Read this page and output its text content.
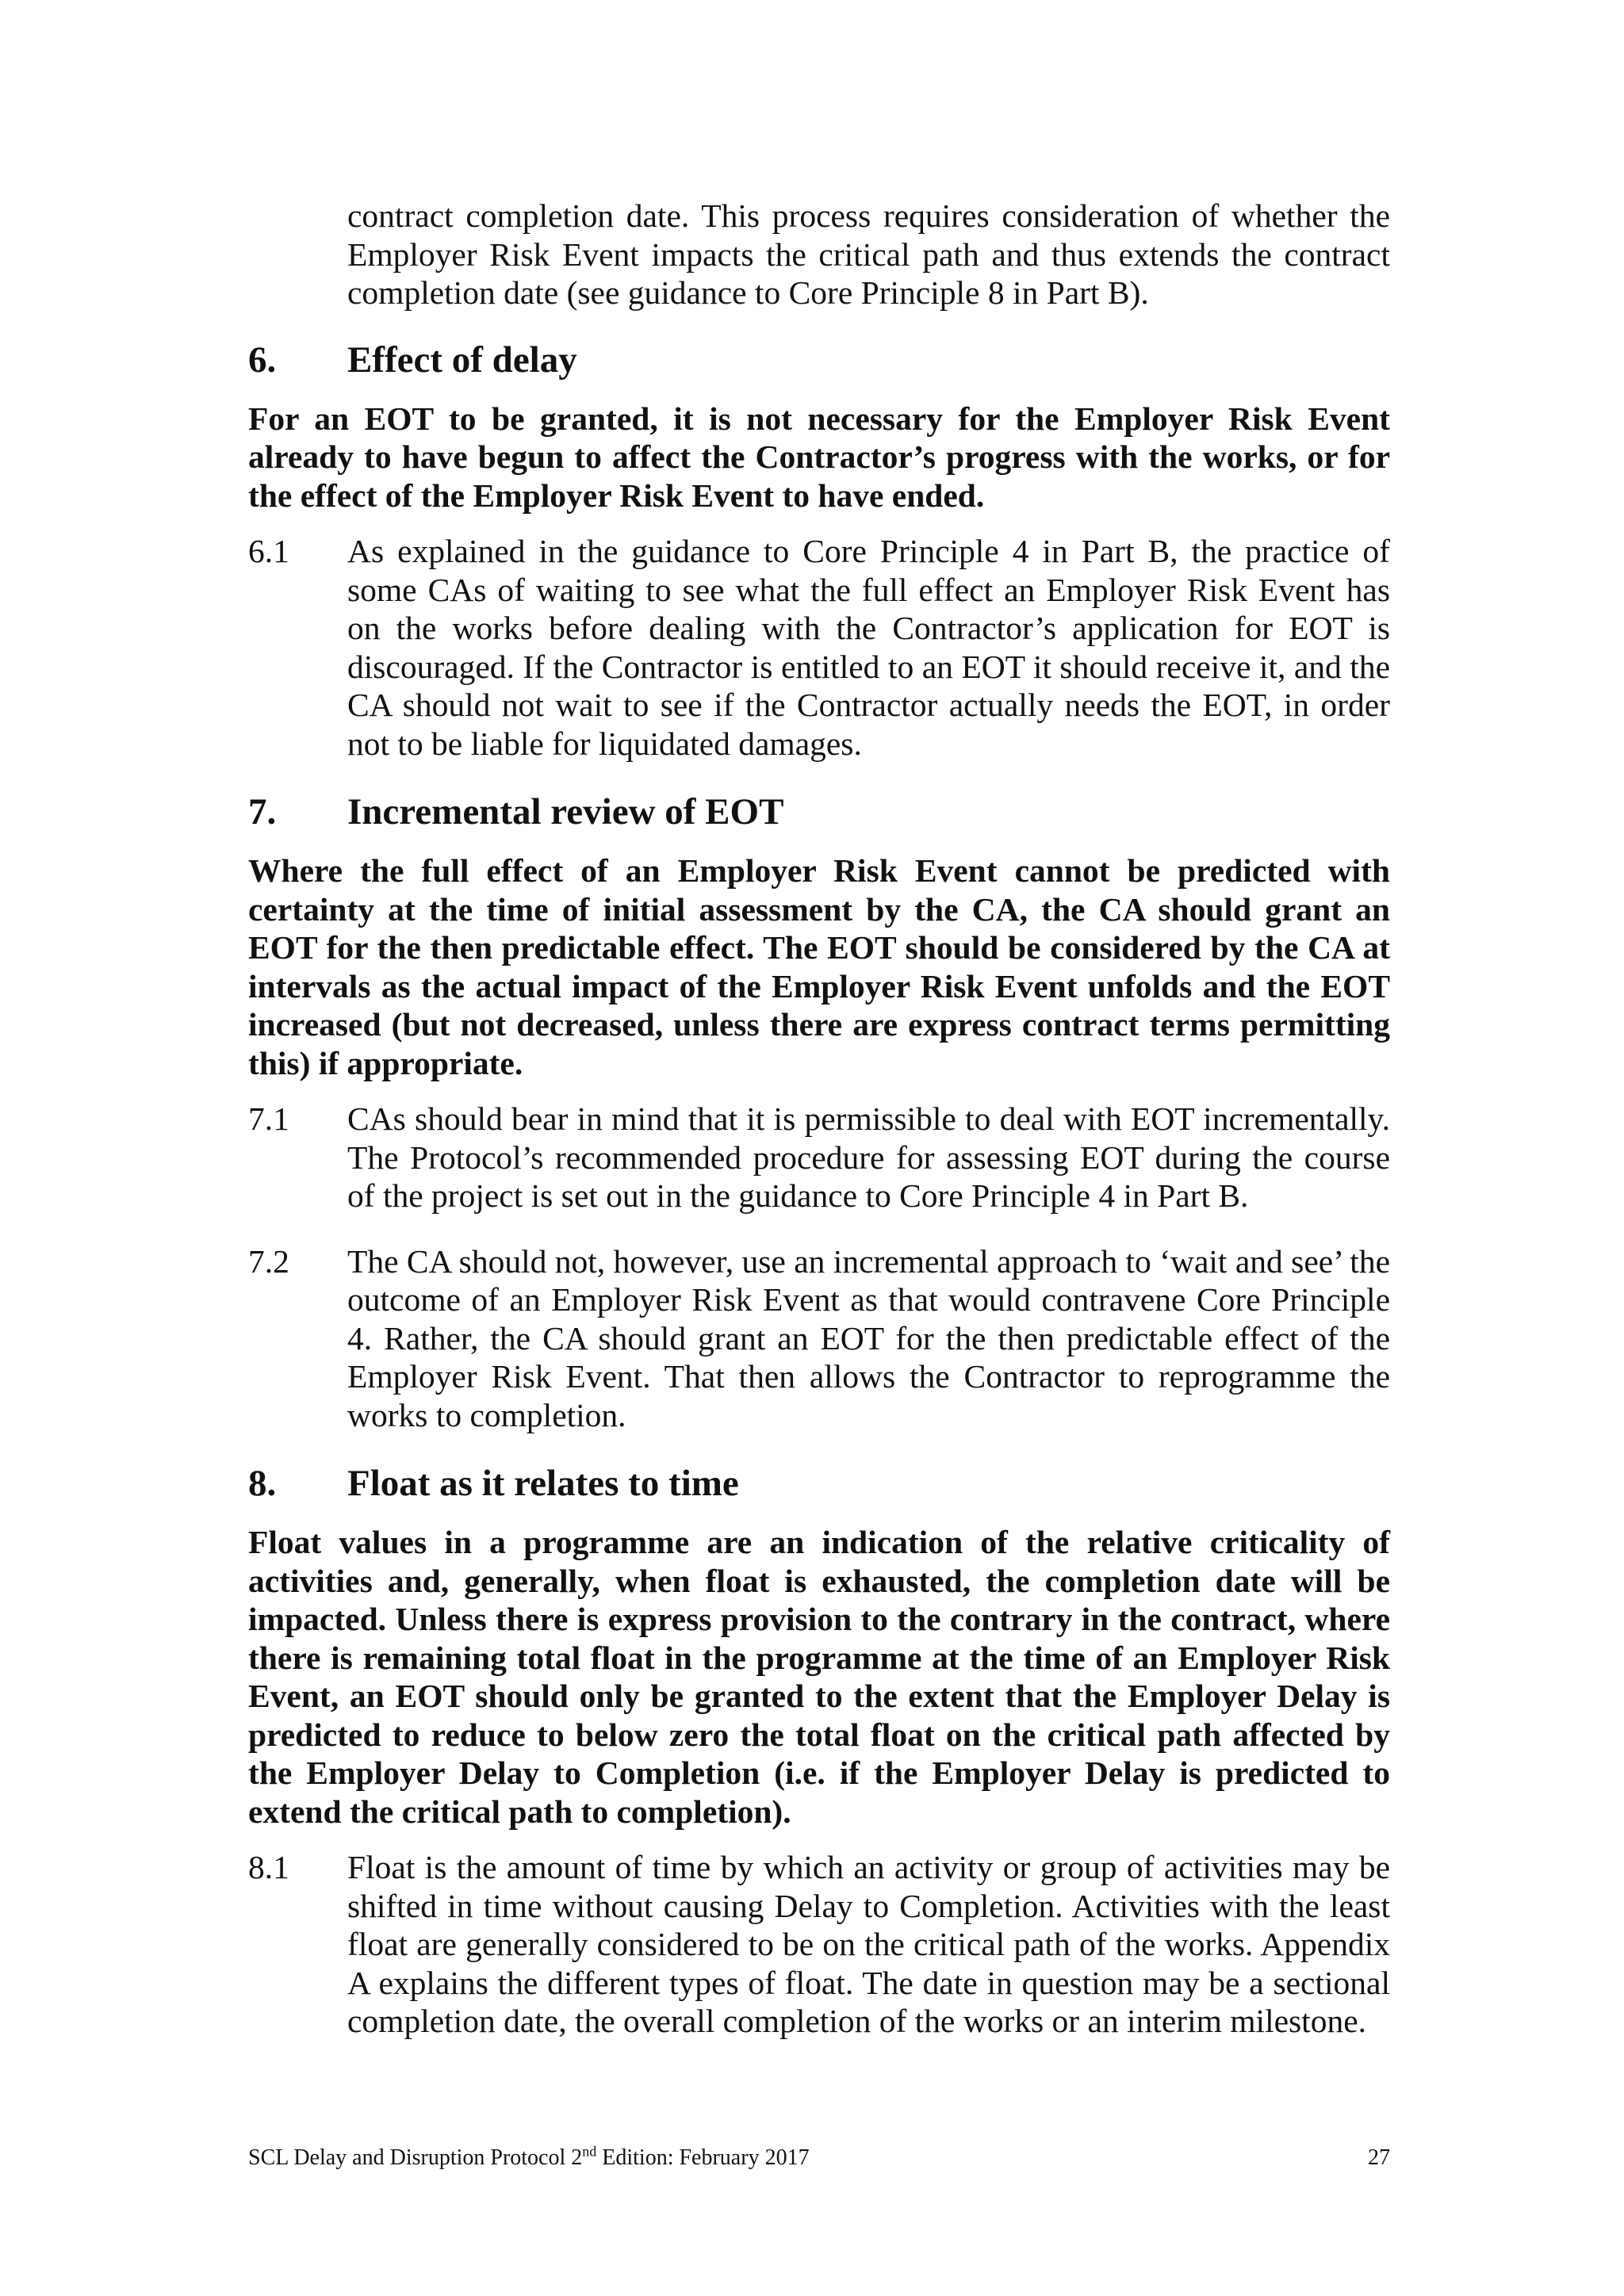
contract completion date. This process requires consideration of whether the Employer Risk Event impacts the critical path and thus extends the contract completion date (see guidance to Core Principle 8 in Part B).

6.	Effect of delay

For an EOT to be granted, it is not necessary for the Employer Risk Event already to have begun to affect the Contractor’s progress with the works, or for the effect of the Employer Risk Event to have ended.

6.1	As explained in the guidance to Core Principle 4 in Part B, the practice of some CAs of waiting to see what the full effect an Employer Risk Event has on the works before dealing with the Contractor’s application for EOT is discouraged. If the Contractor is entitled to an EOT it should receive it, and the CA should not wait to see if the Contractor actually needs the EOT, in order not to be liable for liquidated damages.
7.	Incremental review of EOT

Where the full effect of an Employer Risk Event cannot be predicted with certainty at the time of initial assessment by the CA, the CA should grant an EOT for the then predictable effect. The EOT should be considered by the CA at intervals as the actual impact of the Employer Risk Event unfolds and the EOT increased (but not decreased, unless there are express contract terms permitting this) if appropriate.

7.1	CAs should bear in mind that it is permissible to deal with EOT incrementally. The Protocol’s recommended procedure for assessing EOT during the course of the project is set out in the guidance to Core Principle 4 in Part B.
7.2	The CA should not, however, use an incremental approach to ‘wait and see’ the outcome of an Employer Risk Event as that would contravene Core Principle 4. Rather, the CA should grant an EOT for the then predictable effect of the Employer Risk Event. That then allows the Contractor to reprogramme the works to completion.
8.	Float as it relates to time

Float values in a programme are an indication of the relative criticality of activities and, generally, when float is exhausted, the completion date will be impacted. Unless there is express provision to the contrary in the contract, where there is remaining total float in the programme at the time of an Employer Risk Event, an EOT should only be granted to the extent that the Employer Delay is predicted to reduce to below zero the total float on the critical path affected by the Employer Delay to Completion (i.e. if the Employer Delay is predicted to extend the critical path to completion).

8.1	Float is the amount of time by which an activity or group of activities may be shifted in time without causing Delay to Completion. Activities with the least float are generally considered to be on the critical path of the works. Appendix A explains the different types of float. The date in question may be a sectional completion date, the overall completion of the works or an interim milestone.
SCL Delay and Disruption Protocol 2nd Edition: February 2017	27
